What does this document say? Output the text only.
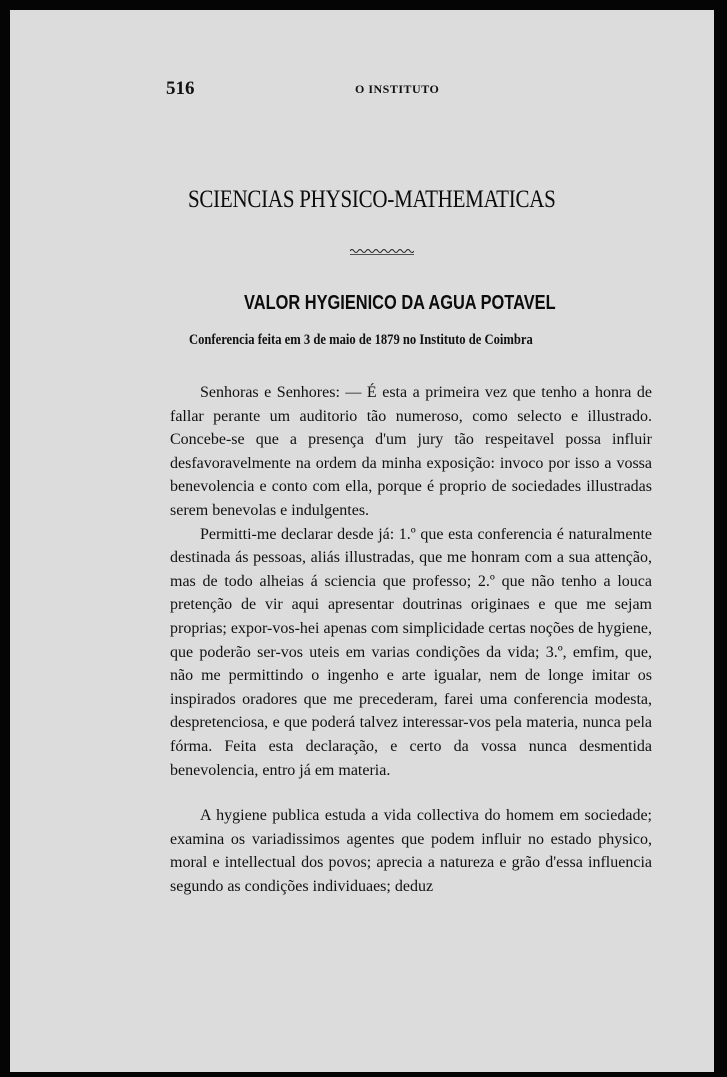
516	O INSTITUTO
SCIENCIAS PHYSICO-MATHEMATICAS
VALOR HYGIENICO DA AGUA POTAVEL
Conferencia feita em 3 de maio de 1879 no Instituto de Coimbra

Senhoras e Senhores: — É esta a primeira vez que tenho a honra de fallar perante um auditorio tão numeroso, como selecto e illustrado. Concebe-se que a presença d'um jury tão respeitavel possa influir desfavoravelmente na ordem da minha exposição: invoco por isso a vossa benevolencia e conto com ella, porque é proprio de sociedades illustradas serem benevolas e indulgentes.

Permitti-me declarar desde já: 1.º que esta conferencia é naturalmente destinada ás pessoas, aliás illustradas, que me honram com a sua attenção, mas de todo alheias á sciencia que professo; 2.º que não tenho a louca pretenção de vir aqui apresentar doutrinas originaes e que me sejam proprias; expor-vos-hei apenas com simplicidade certas noções de hygiene, que poderão ser-vos uteis em varias condições da vida; 3.º, emfim, que, não me permittindo o ingenho e arte igualar, nem de longe imitar os inspirados oradores que me precederam, farei uma conferencia modesta, despretenciosa, e que poderá talvez interessar-vos pela materia, nunca pela fórma. Feita esta declaração, e certo da vossa nunca desmentida benevolencia, entro já em materia.

A hygiene publica estuda a vida collectiva do homem em sociedade; examina os variadissimos agentes que podem influir no estado physico, moral e intellectual dos povos; aprecia a natureza e grão d'essa influencia segundo as condições individuaes; deduz
